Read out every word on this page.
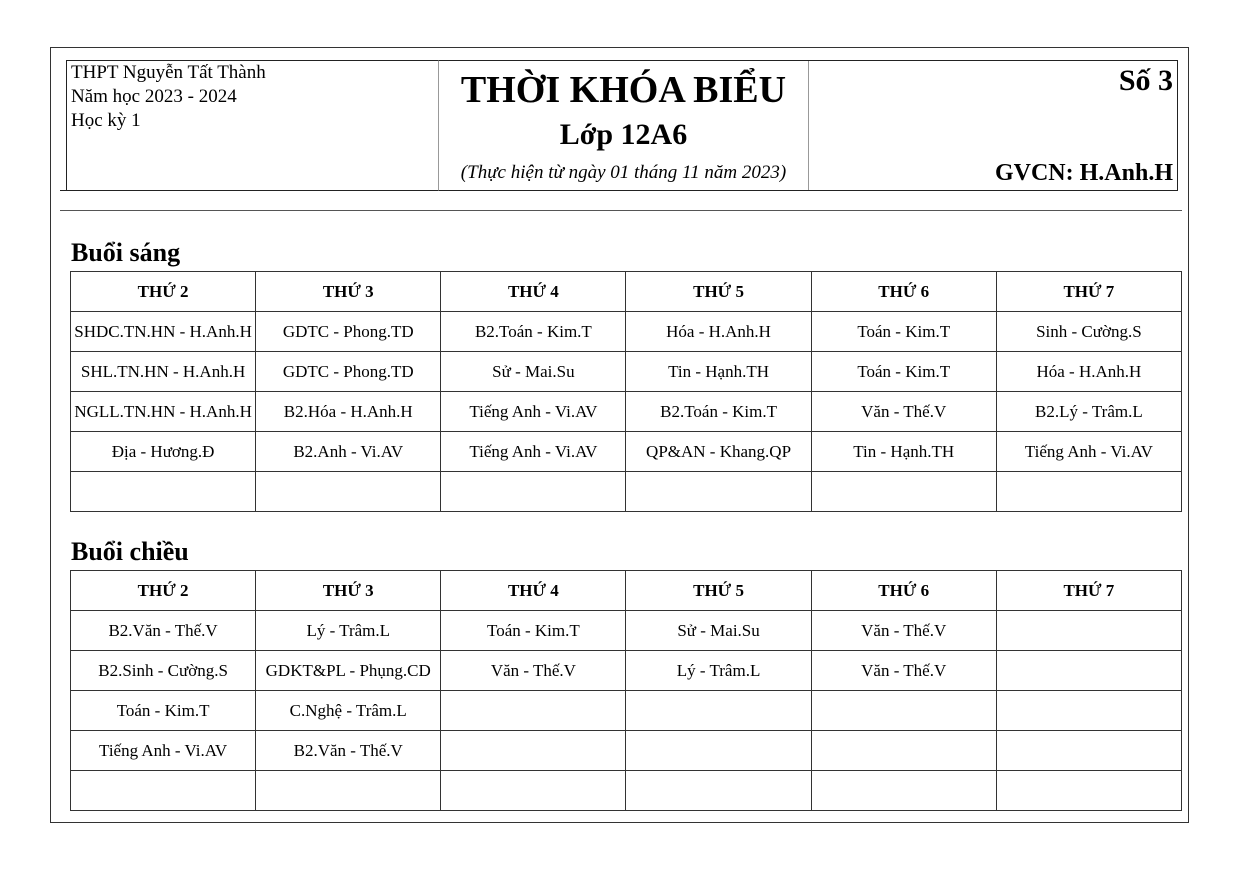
THPT Nguyễn Tất Thành
Năm học 2023 - 2024
Học kỳ 1
THỜI KHÓA BIỂU
Lớp 12A6
(Thực hiện từ ngày 01 tháng 11 năm 2023)
Số 3
GVCN: H.Anh.H
Buổi sáng
THỨ 2	THỨ 3	THỨ 4	THỨ 5	THỨ 6	THỨ 7
SHDC.TN.HN - H.Anh.H	GDTC - Phong.TD	B2.Toán - Kim.T	Hóa - H.Anh.H	Toán - Kim.T	Sinh - Cường.S
SHL.TN.HN - H.Anh.H	GDTC - Phong.TD	Sử - Mai.Su	Tin - Hạnh.TH	Toán - Kim.T	Hóa - H.Anh.H
NGLL.TN.HN - H.Anh.H	B2.Hóa - H.Anh.H	Tiếng Anh - Vi.AV	B2.Toán - Kim.T	Văn - Thế.V	B2.Lý - Trâm.L
Địa - Hương.Đ	B2.Anh - Vi.AV	Tiếng Anh - Vi.AV	QP&AN - Khang.QP	Tin - Hạnh.TH	Tiếng Anh - Vi.AV

Buổi chiều
THỨ 2	THỨ 3	THỨ 4	THỨ 5	THỨ 6	THỨ 7
B2.Văn - Thế.V	Lý - Trâm.L	Toán - Kim.T	Sử - Mai.Su	Văn - Thế.V	
B2.Sinh - Cường.S	GDKT&PL - Phụng.CD	Văn - Thế.V	Lý - Trâm.L	Văn - Thế.V	
Toán - Kim.T	C.Nghệ - Trâm.L				
Tiếng Anh - Vi.AV	B2.Văn - Thế.V				
